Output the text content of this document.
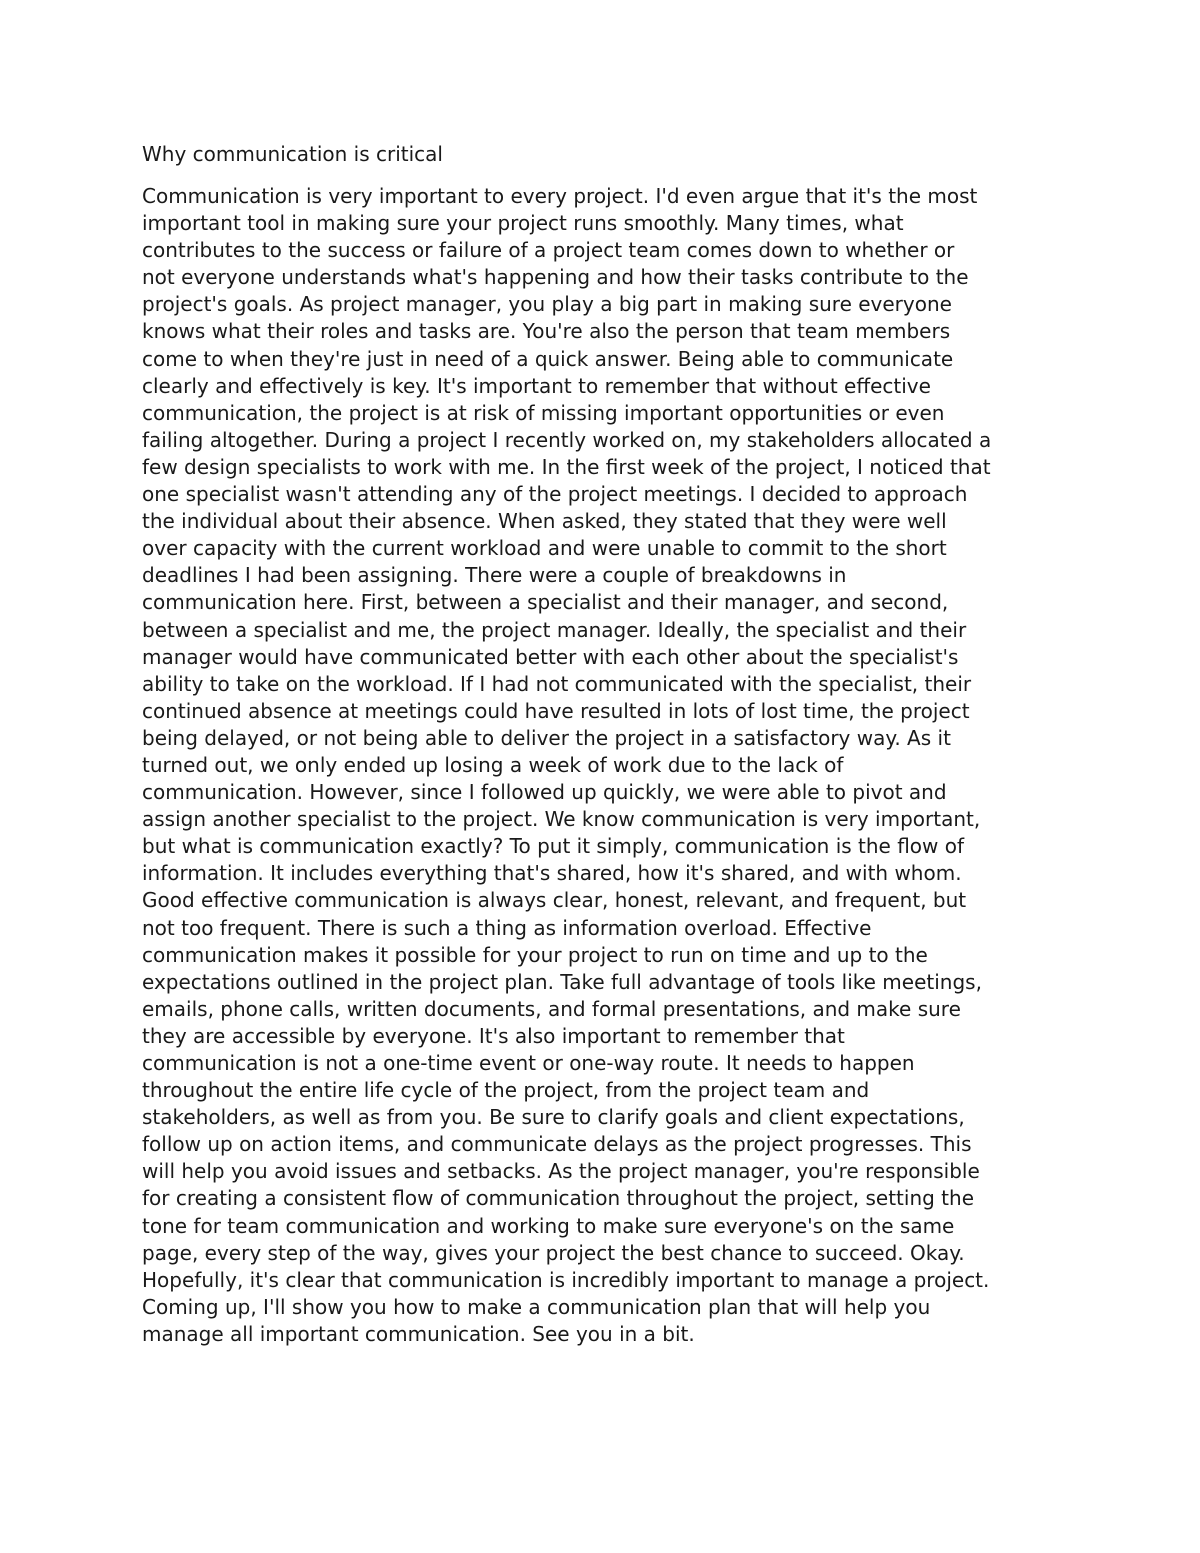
Why communication is critical
Communication is very important to every project. I'd even argue that it's the most
important tool in making sure your project runs smoothly. Many times, what
contributes to the success or failure of a project team comes down to whether or
not everyone understands what's happening and how their tasks contribute to the
project's goals. As project manager, you play a big part in making sure everyone
knows what their roles and tasks are. You're also the person that team members
come to when they're just in need of a quick answer. Being able to communicate
clearly and effectively is key. It's important to remember that without effective
communication, the project is at risk of missing important opportunities or even
failing altogether. During a project I recently worked on, my stakeholders allocated a
few design specialists to work with me. In the first week of the project, I noticed that
one specialist wasn't attending any of the project meetings. I decided to approach
the individual about their absence. When asked, they stated that they were well
over capacity with the current workload and were unable to commit to the short
deadlines I had been assigning. There were a couple of breakdowns in
communication here. First, between a specialist and their manager, and second,
between a specialist and me, the project manager. Ideally, the specialist and their
manager would have communicated better with each other about the specialist's
ability to take on the workload. If I had not communicated with the specialist, their
continued absence at meetings could have resulted in lots of lost time, the project
being delayed, or not being able to deliver the project in a satisfactory way. As it
turned out, we only ended up losing a week of work due to the lack of
communication. However, since I followed up quickly, we were able to pivot and
assign another specialist to the project. We know communication is very important,
but what is communication exactly? To put it simply, communication is the flow of
information. It includes everything that's shared, how it's shared, and with whom.
Good effective communication is always clear, honest, relevant, and frequent, but
not too frequent. There is such a thing as information overload. Effective
communication makes it possible for your project to run on time and up to the
expectations outlined in the project plan. Take full advantage of tools like meetings,
emails, phone calls, written documents, and formal presentations, and make sure
they are accessible by everyone. It's also important to remember that
communication is not a one-time event or one-way route. It needs to happen
throughout the entire life cycle of the project, from the project team and
stakeholders, as well as from you. Be sure to clarify goals and client expectations,
follow up on action items, and communicate delays as the project progresses. This
will help you avoid issues and setbacks. As the project manager, you're responsible
for creating a consistent flow of communication throughout the project, setting the
tone for team communication and working to make sure everyone's on the same
page, every step of the way, gives your project the best chance to succeed. Okay.
Hopefully, it's clear that communication is incredibly important to manage a project.
Coming up, I'll show you how to make a communication plan that will help you
manage all important communication. See you in a bit.
